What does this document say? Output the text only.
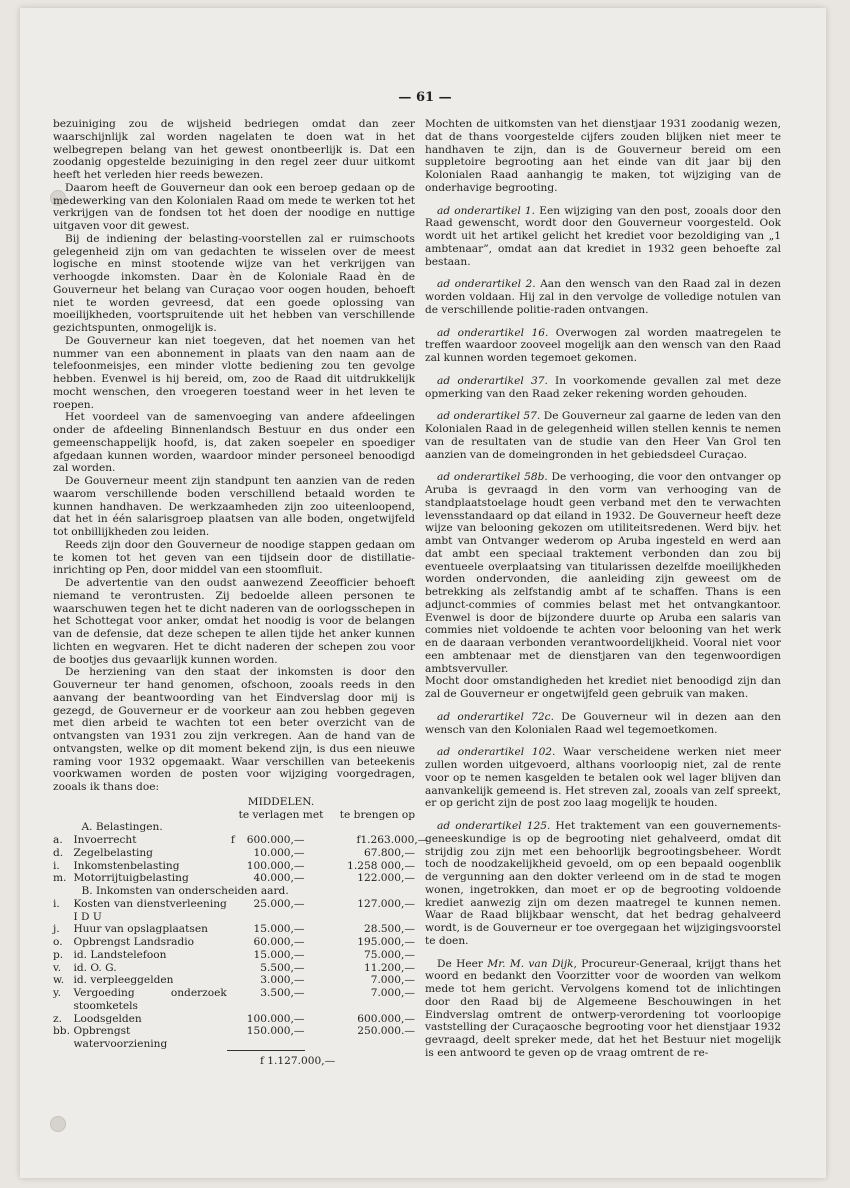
— 61 —

bezuiniging zou de wijsheid bedriegen omdat dan zeer waarschijnlijk zal worden nagelaten te doen wat in het welbegrepen belang van het gewest onontbeerlijk is. Dat een zoodanig opgestelde bezuiniging in den regel zeer duur uitkomt heeft het verleden hier reeds bewezen.

Daarom heeft de Gouverneur dan ook een beroep gedaan op de medewerking van den Kolonialen Raad om mede te werken tot het verkrijgen van de fondsen tot het doen der noodige en nuttige uitgaven voor dit gewest.

Bij de indiening der belasting-voorstellen zal er ruimschoots gelegenheid zijn om van gedachten te wisselen over de meest logische en minst stootende wijze van het verkrijgen van verhoogde inkomsten. Daar èn de Koloniale Raad èn de Gouverneur het belang van Curaçao voor oogen houden, behoeft niet te worden gevreesd, dat een goede oplossing van moeilijkheden, voortspruitende uit het hebben van verschillende gezichtspunten, onmogelijk is.

De Gouverneur kan niet toegeven, dat het noemen van het nummer van een abonnement in plaats van den naam aan de telefoonmeisjes, een minder vlotte bediening zou ten gevolge hebben. Evenwel is hij bereid, om, zoo de Raad dit uitdrukkelijk mocht wenschen, den vroegeren toestand weer in het leven te roepen.

Het voordeel van de samenvoeging van andere afdeelingen onder de afdeeling Binnenlandsch Bestuur en dus onder een gemeenschappelijk hoofd, is, dat zaken soepeler en spoediger afgedaan kunnen worden, waardoor minder personeel benoodigd zal worden.

De Gouverneur meent zijn standpunt ten aanzien van de reden waarom verschillende boden verschillend betaald worden te kunnen handhaven. De werkzaamheden zijn zoo uiteenloopend, dat het in één salarisgroep plaatsen van alle boden, ongetwijfeld tot onbillijkheden zou leiden.

Reeds zijn door den Gouverneur de noodige stappen gedaan om te komen tot het geven van een tijdsein door de distillatie-inrichting op Pen, door middel van een stoomfluit.

De advertentie van den oudst aanwezend Zeeofficier behoeft niemand te verontrusten. Zij bedoelde alleen personen te waarschuwen tegen het te dicht naderen van de oorlogsschepen in het Schottegat voor anker, omdat het noodig is voor de belangen van de defensie, dat deze schepen te allen tijde het anker kunnen lichten en wegvaren. Het te dicht naderen der schepen zou voor de bootjes dus gevaarlijk kunnen worden.

De herziening van den staat der inkomsten is door den Gouverneur ter hand genomen, ofschoon, zooals reeds in den aanvang der beantwoording van het Eindverslag door mij is gezegd, de Gouverneur er de voorkeur aan zou hebben gegeven met dien arbeid te wachten tot een beter overzicht van de ontvangsten van 1931 zou zijn verkregen. Aan de hand van de ontvangsten, welke op dit moment bekend zijn, is dus een nieuwe raming voor 1932 opgemaakt. Waar verschillen van beteekenis voorkwamen worden de posten voor wijziging voorgedragen, zooals ik thans doe:

		MIDDELEN.		
		te verlagen met		te brengen op
	A. Belastingen.			
a.	Invoerrecht	f 600.000,—	f 1.263.000,—	
d.	Zegelbelasting	10.000,—	67.800,—	
i.	Inkomstenbelasting	100.000,—	1.258 000,—	
m.	Motorrijtuigbelasting	40.000,—	122.000,—	
	B. Inkomsten van onderscheiden aard.			
i.	Kosten van dienstverleening I D U	25.000,—		127.000,—
j.	Huur van opslagplaatsen	15.000,—		28.500,—
o.	Opbrengst Landsradio	60.000,—		195.000,—
p.	id. Landstelefoon	15.000,—		75.000,—
v.	id. O. G.	5.500,—		11.200,—
w.	id. verpleeggelden	3.000,—		7.000,—
y.	Vergoeding onderzoek stoomketels	3.500,—		7.000,—
z.	Loodsgelden	100.000,—		600.000,—
bb.	Opbrengst watervoorziening	150.000,—		250.000.—
		f 1.127.000,—		

Mochten de uitkomsten van het dienstjaar 1931 zoodanig wezen, dat de thans voorgestelde cijfers zouden blijken niet meer te handhaven te zijn, dan is de Gouverneur bereid om een suppletoire begrooting aan het einde van dit jaar bij den Kolonialen Raad aanhangig te maken, tot wijziging van de onderhavige begrooting.

ad onderartikel 1. Een wijziging van den post, zooals door den Raad gewenscht, wordt door den Gouverneur voorgesteld. Ook wordt uit het artikel gelicht het krediet voor bezoldiging van „1 ambtenaar”, omdat aan dat krediet in 1932 geen behoefte zal bestaan.

ad onderartikel 2. Aan den wensch van den Raad zal in dezen worden voldaan. Hij zal in den vervolge de volledige notulen van de verschillende politie-raden ontvangen.

ad onderartikel 16. Overwogen zal worden maatregelen te treffen waardoor zooveel mogelijk aan den wensch van den Raad zal kunnen worden tegemoet gekomen.

ad onderartikel 37. In voorkomende gevallen zal met deze opmerking van den Raad zeker rekening worden gehouden.

ad onderartikel 57. De Gouverneur zal gaarne de leden van den Kolonialen Raad in de gelegenheid willen stellen kennis te nemen van de resultaten van de studie van den Heer Van Grol ten aanzien van de domeingronden in het gebiedsdeel Curaçao.

ad onderartikel 58b. De verhooging, die voor den ontvanger op Aruba is gevraagd in den vorm van verhooging van de standplaatstoelage houdt geen verband met den te verwachten levensstandaard op dat eiland in 1932. De Gouverneur heeft deze wijze van belooning gekozen om utiliteitsredenen. Werd bijv. het ambt van Ontvanger wederom op Aruba ingesteld en werd aan dat ambt een speciaal traktement verbonden dan zou bij eventueele overplaatsing van titularissen dezelfde moeilijkheden worden ondervonden, die aanleiding zijn geweest om de betrekking als zelfstandig ambt af te schaffen. Thans is een adjunct-commies of commies belast met het ontvangkantoor. Evenwel is door de bijzondere duurte op Aruba een salaris van commies niet voldoende te achten voor belooning van het werk en de daaraan verbonden verantwoordelijkheid. Vooral niet voor een ambtenaar met de dienstjaren van den tegenwoordigen ambtsvervuller.
Mocht door omstandigheden het krediet niet benoodigd zijn dan zal de Gouverneur er ongetwijfeld geen gebruik van maken.

ad onderartikel 72c. De Gouverneur wil in dezen aan den wensch van den Kolonialen Raad wel tegemoetkomen.

ad onderartikel 102. Waar verscheidene werken niet meer zullen worden uitgevoerd, althans voorloopig niet, zal de rente voor op te nemen kasgelden te betalen ook wel lager blijven dan aanvankelijk gemeend is. Het streven zal, zooals van zelf spreekt, er op gericht zijn de post zoo laag mogelijk te houden.

ad onderartikel 125. Het traktement van een gouvernements-geneeskundige is op de begrooting niet gehalveerd, omdat dit strijdig zou zijn met een behoorlijk begrootingsbeheer. Wordt toch de noodzakelijkheid gevoeld, om op een bepaald oogenblik de vergunning aan den dokter verleend om in de stad te mogen wonen, ingetrokken, dan moet er op de begrooting voldoende krediet aanwezig zijn om dezen maatregel te kunnen nemen. Waar de Raad blijkbaar wenscht, dat het bedrag gehalveerd wordt, is de Gouverneur er toe overgegaan het wijzigingsvoorstel te doen.

De Heer Mr. M. van Dijk, Procureur-Generaal, krijgt thans het woord en bedankt den Voorzitter voor de woorden van welkom mede tot hem gericht. Vervolgens komend tot de inlichtingen door den Raad bij de Algemeene Beschouwingen in het Eindverslag omtrent de ontwerp-verordening tot voorloopige vaststelling der Curaçaosche begrooting voor het dienstjaar 1932 gevraagd, deelt spreker mede, dat het het Bestuur niet mogelijk is een antwoord te geven op de vraag omtrent de re-
